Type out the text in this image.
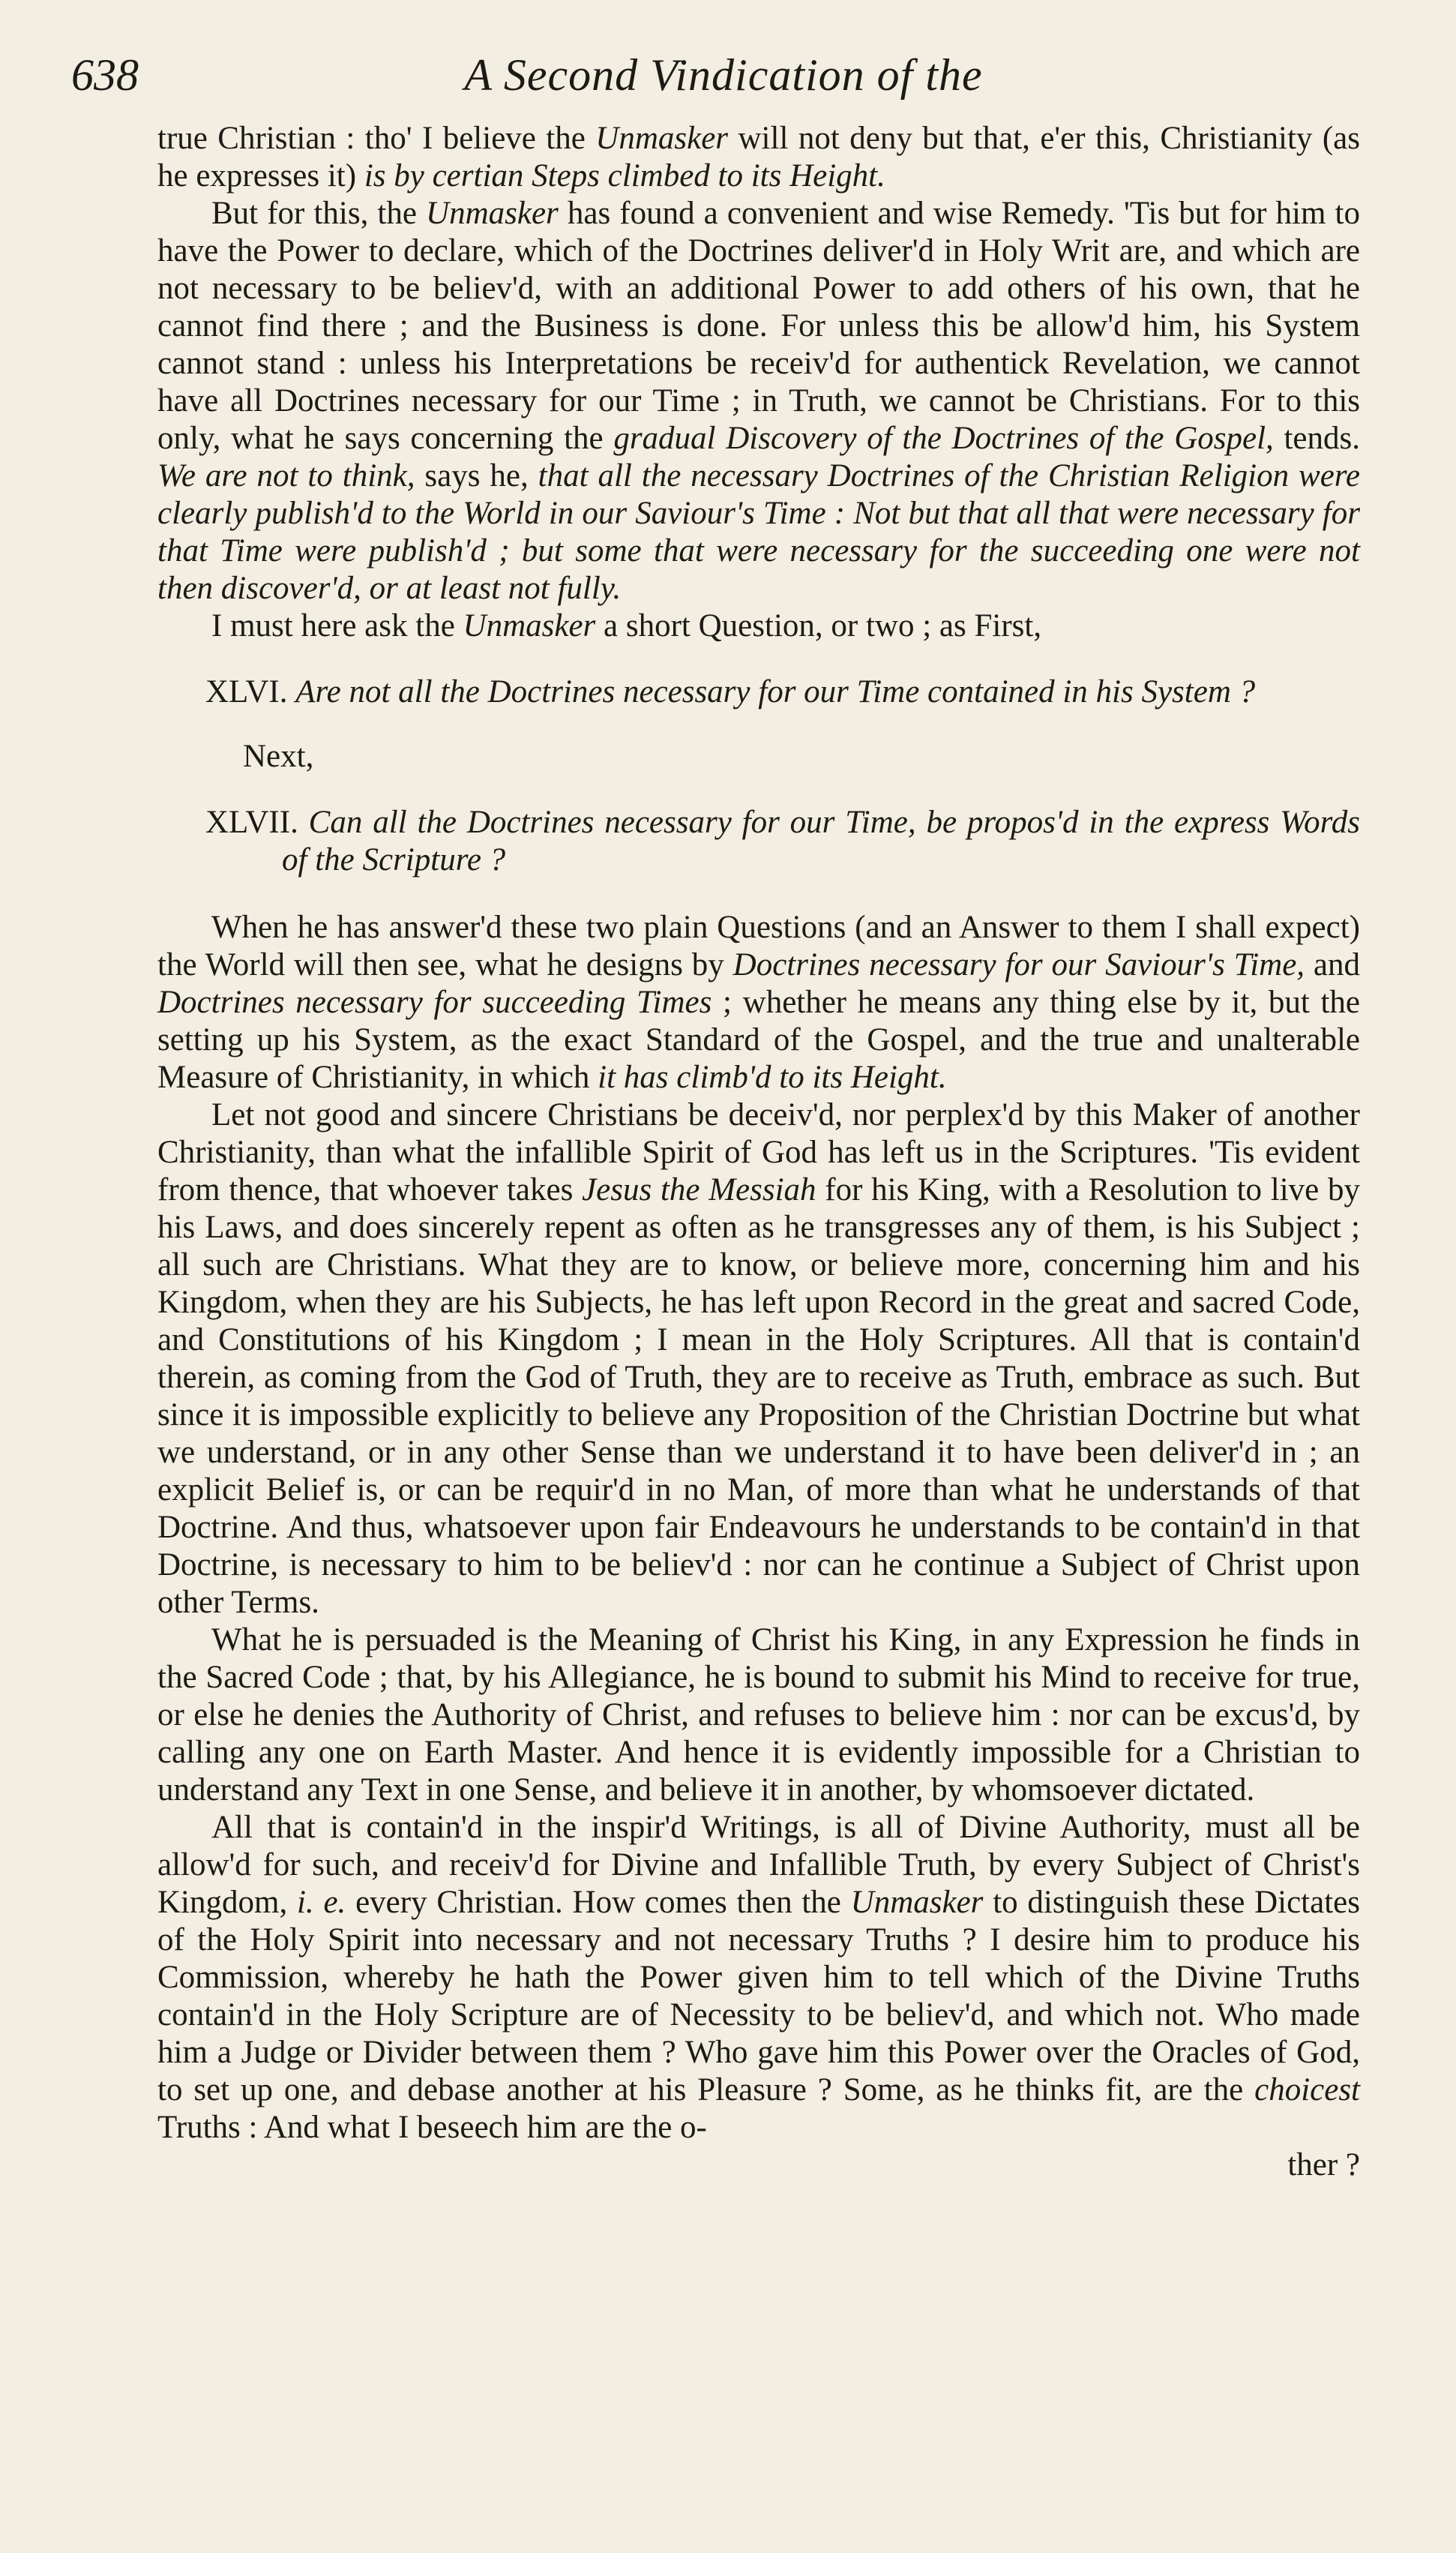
638	A Second Vindication of the

true Christian : tho' I believe the Unmasker will not deny but that, e'er this, Christianity (as he expresses it) is by certian Steps climbed to its Height.

But for this, the Unmasker has found a convenient and wise Remedy. 'Tis but for him to have the Power to declare, which of the Doctrines deliver'd in Holy Writ are, and which are not necessary to be believ'd, with an additional Power to add others of his own, that he cannot find there ; and the Business is done. For unless this be allow'd him, his System cannot stand : unless his Interpretations be receiv'd for authentick Revelation, we cannot have all Doctrines necessary for our Time ; in Truth, we cannot be Christians. For to this only, what he says concerning the gradual Discovery of the Doctrines of the Gospel, tends. We are not to think, says he, that all the necessary Doctrines of the Christian Religion were clearly publish'd to the World in our Saviour's Time : Not but that all that were necessary for that Time were publish'd ; but some that were necessary for the succeeding one were not then discover'd, or at least not fully.

I must here ask the Unmasker a short Question, or two ; as First,

XLVI. Are not all the Doctrines necessary for our Time contained in his System ?

Next,

XLVII. Can all the Doctrines necessary for our Time, be propos'd in the express Words of the Scripture ?

When he has answer'd these two plain Questions (and an Answer to them I shall expect) the World will then see, what he designs by Doctrines necessary for our Saviour's Time, and Doctrines necessary for succeeding Times ; whether he means any thing else by it, but the setting up his System, as the exact Standard of the Gospel, and the true and unalterable Measure of Christianity, in which it has climb'd to its Height.

Let not good and sincere Christians be deceiv'd, nor perplex'd by this Maker of another Christianity, than what the infallible Spirit of God has left us in the Scriptures. 'Tis evident from thence, that whoever takes Jesus the Messiah for his King, with a Resolution to live by his Laws, and does sincerely repent as often as he transgresses any of them, is his Subject ; all such are Christians. What they are to know, or believe more, concerning him and his Kingdom, when they are his Subjects, he has left upon Record in the great and sacred Code, and Constitutions of his Kingdom ; I mean in the Holy Scriptures. All that is contain'd therein, as coming from the God of Truth, they are to receive as Truth, embrace as such. But since it is impossible explicitly to believe any Proposition of the Christian Doctrine but what we understand, or in any other Sense than we understand it to have been deliver'd in ; an explicit Belief is, or can be requir'd in no Man, of more than what he understands of that Doctrine. And thus, whatsoever upon fair Endeavours he understands to be contain'd in that Doctrine, is necessary to him to be believ'd : nor can he continue a Subject of Christ upon other Terms.

What he is persuaded is the Meaning of Christ his King, in any Expression he finds in the Sacred Code ; that, by his Allegiance, he is bound to submit his Mind to receive for true, or else he denies the Authority of Christ, and refuses to believe him : nor can be excus'd, by calling any one on Earth Master. And hence it is evidently impossible for a Christian to understand any Text in one Sense, and believe it in another, by whomsoever dictated.

All that is contain'd in the inspir'd Writings, is all of Divine Authority, must all be allow'd for such, and receiv'd for Divine and Infallible Truth, by every Subject of Christ's Kingdom, i. e. every Christian. How comes then the Unmasker to distinguish these Dictates of the Holy Spirit into necessary and not necessary Truths ? I desire him to produce his Commission, whereby he hath the Power given him to tell which of the Divine Truths contain'd in the Holy Scripture are of Necessity to be believ'd, and which not. Who made him a Judge or Divider between them ? Who gave him this Power over the Oracles of God, to set up one, and debase another at his Pleasure ? Some, as he thinks fit, are the choicest Truths : And what I beseech him are the o-

ther ?
